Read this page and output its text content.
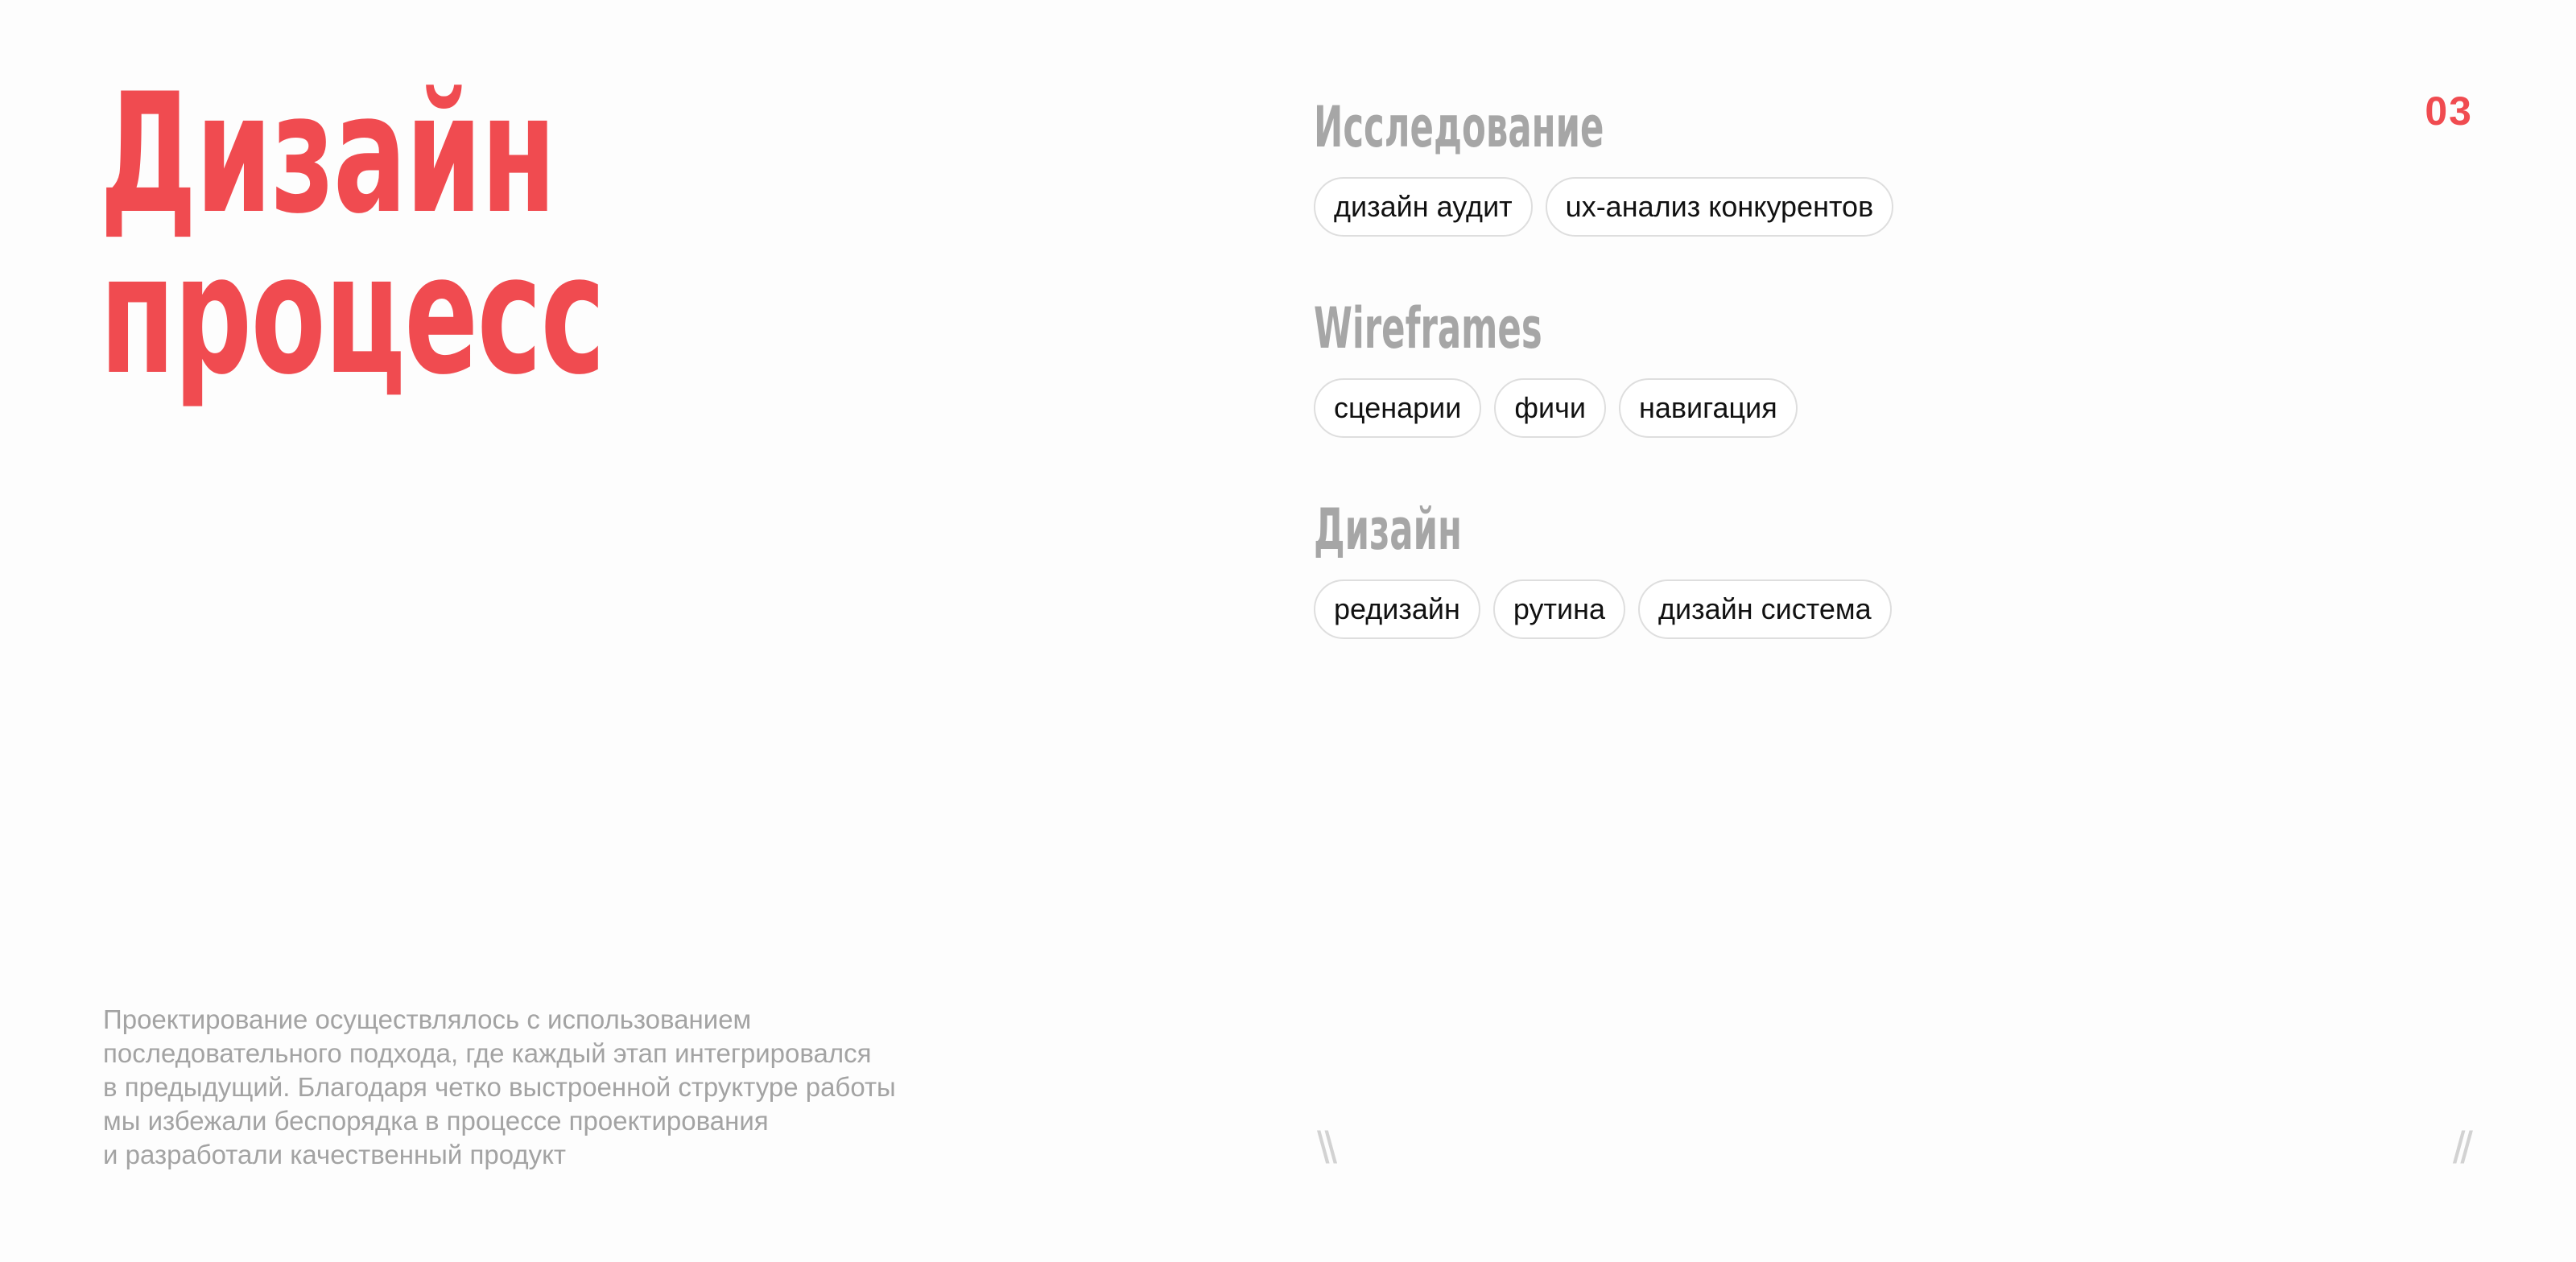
Дизайн
процесс
03
Исследование
дизайн аудит	ux-анализ конкурентов
Wireframes
сценарии	фичи	навигация
Дизайн
редизайн	рутина	дизайн система
Проектирование осуществлялось с использованием
последовательного подхода, где каждый этап интегрировался
в предыдущий. Благодаря четко выстроенной структуре работы
мы избежали беспорядка в процессе проектирования
и разработали качественный продукт	\\	//
